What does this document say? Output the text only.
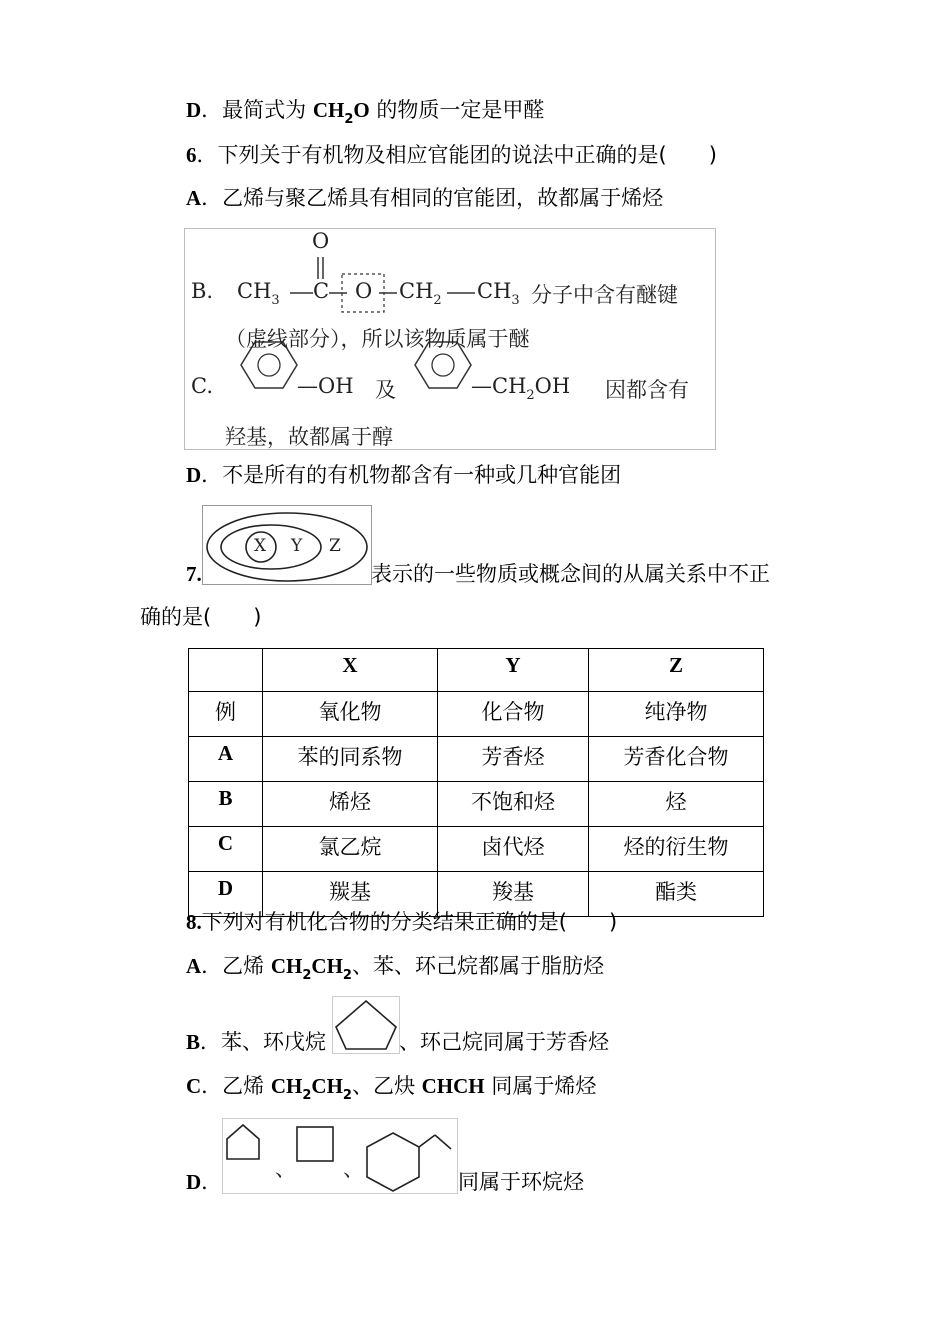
D．最简式为 $CH_2O$ 的物质一定是甲醛
6．下列关于有机物及相应官能团的说法中正确的是(　　)
A．乙烯与聚乙烯具有相同的官能团，故都属于烯烃
O
B. $CH_3$ C O $CH_2$ $CH_3$ 分子中含有醚键
（虚线部分），所以该物质属于醚
C.	—OH 及	$—CH_2OH$ 因都含有
羟基，故都属于醇
D．不是所有的有机物都含有一种或几种官能团
7.
X Y Z
表示的一些物质或概念间的从属关系中不正
确的是(　　)
	X	Y	Z
例	氧化物	化合物	纯净物
A	苯的同系物	芳香烃	芳香化合物
B	烯烃	不饱和烃	烃
C	氯乙烷	卤代烃	烃的衍生物
D	羰基	羧基	酯类
8.下列对有机化合物的分类结果正确的是(　　)
A．乙烯 $CH_2CH_2$、苯、环己烷都属于脂肪烃
B．苯、环戊烷	、环己烷同属于芳香烃
C．乙烯 $CH_2CH_2$、乙炔 CHCH 同属于烯烃
D．
、 、
同属于环烷烃
